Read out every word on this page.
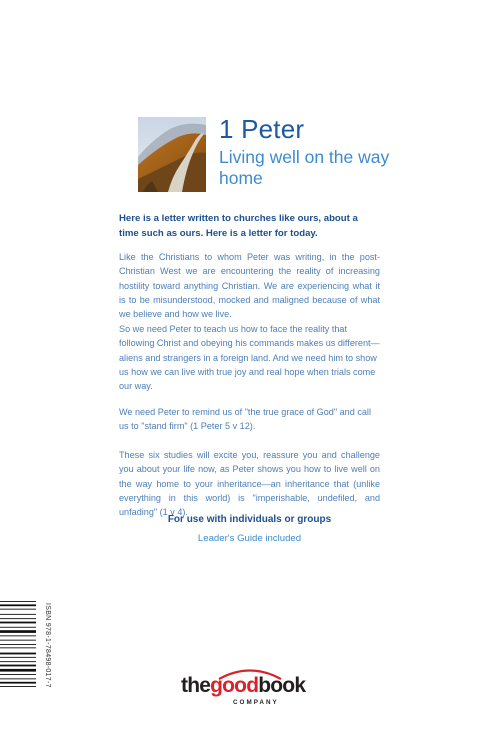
1 Peter
Living well on the way home
Here is a letter written to churches like ours, about a time such as ours. Here is a letter for today.

Like the Christians to whom Peter was writing, in the post-Christian West we are encountering the reality of increasing hostility toward anything Christian. We are experiencing what it is to be misunderstood, mocked and maligned because of what we believe and how we live.

So we need Peter to teach us how to face the reality that following Christ and obeying his commands makes us different—aliens and strangers in a foreign land. And we need him to show us how we can live with true joy and real hope when trials come our way.

We need Peter to remind us of "the true grace of God" and call us to "stand firm" (1 Peter 5 v 12).

These six studies will excite you, reassure you and challenge you about your life now, as Peter shows you how to live well on the way home to your inheritance—an inheritance that (unlike everything in this world) is "imperishable, undefiled, and unfading" (1 v 4).

For use with individuals or groups
Leader's Guide included
ISBN 978-1-78498-017-7	thegoodbook
COMPANY
